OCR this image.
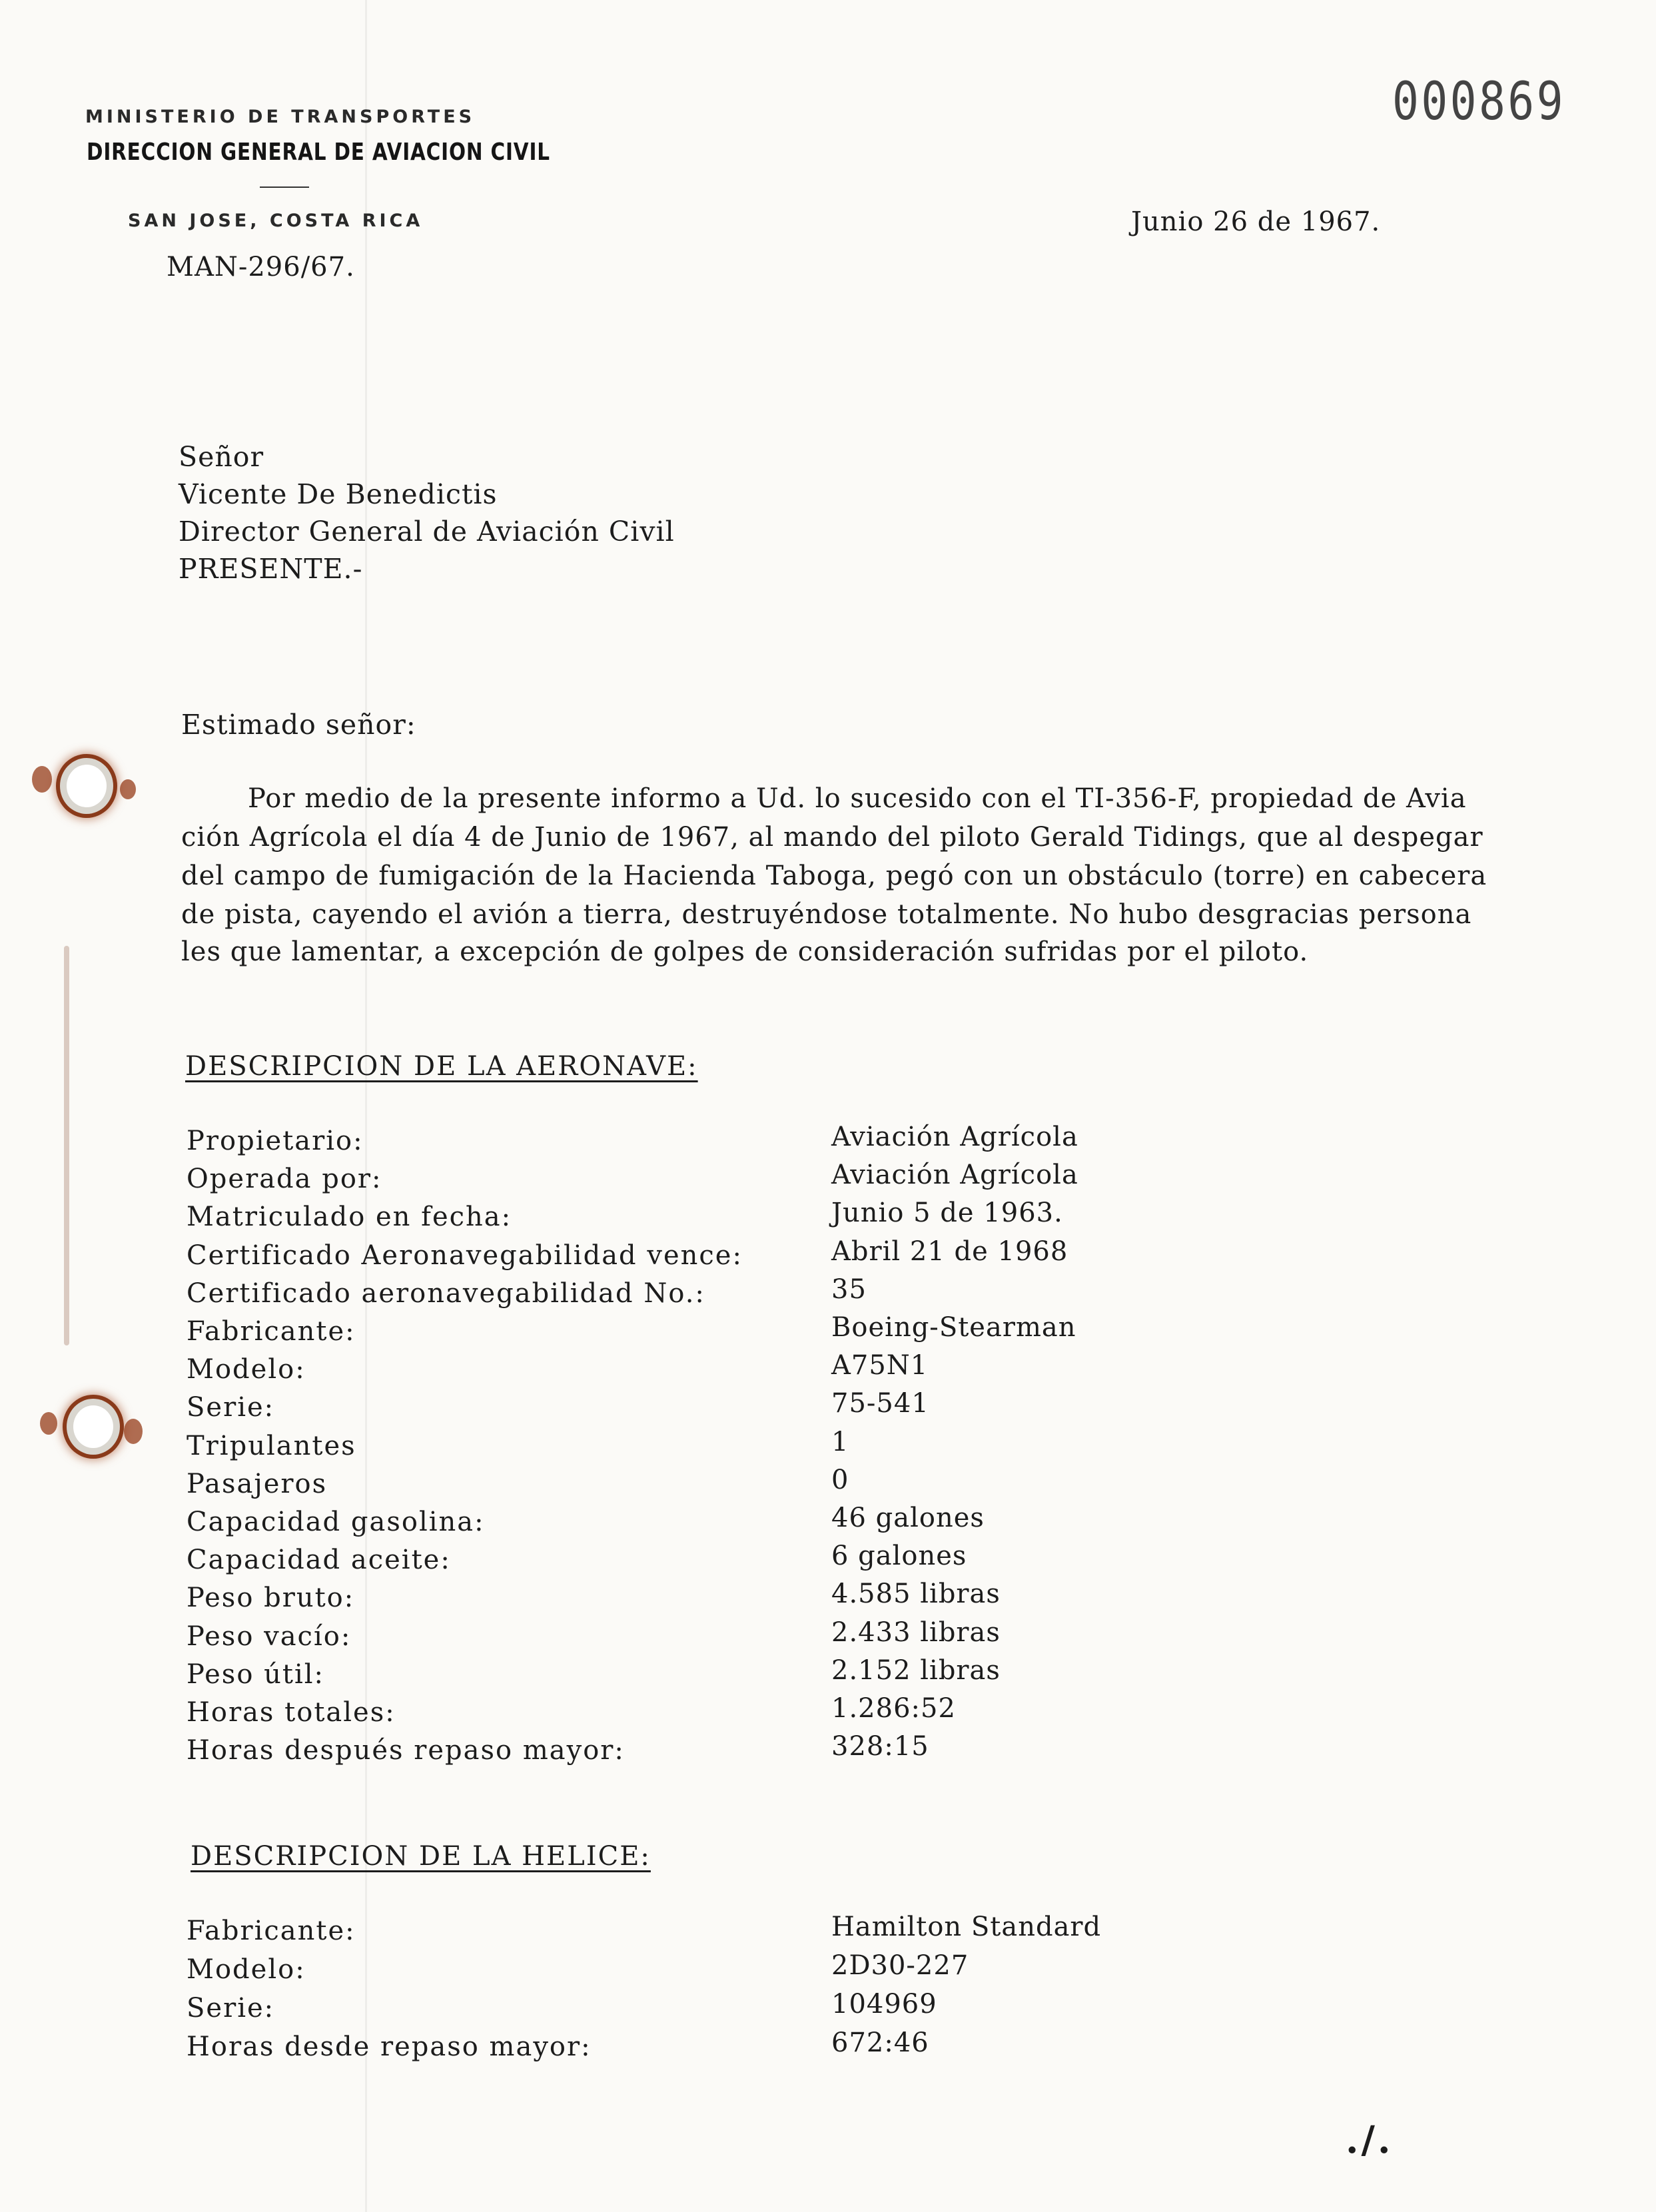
MINISTERIO DE TRANSPORTES
DIRECCION GENERAL DE AVIACION CIVIL
SAN JOSE, COSTA RICA
000869
MAN-296/67.
Junio 26 de 1967.
Señor
Vicente De Benedictis
Director General de Aviación Civil
PRESENTE.-
Estimado señor:
Por medio de la presente informo a Ud. lo sucesido con el TI-356-F, propiedad de Avia
ción Agrícola el día 4 de Junio de 1967, al mando del piloto Gerald Tidings, que al despegar
del campo de fumigación de la Hacienda Taboga, pegó con un obstáculo (torre) en cabecera
de pista, cayendo el avión a tierra, destruyéndose totalmente. No hubo desgracias persona
les que lamentar, a excepción de golpes de consideración sufridas por el piloto.
DESCRIPCION DE LA AERONAVE:
Propietario:	Aviación Agrícola
Operada por:	Aviación Agrícola
Matriculado en fecha:	Junio 5 de 1963.
Certificado Aeronavegabilidad vence:	Abril 21 de 1968
Certificado aeronavegabilidad No.:	35
Fabricante:	Boeing-Stearman
Modelo:	A75N1
Serie:	75-541
Tripulantes	1
Pasajeros	0
Capacidad gasolina:	46 galones
Capacidad aceite:	6 galones
Peso bruto:	4.585 libras
Peso vacío:	2.433 libras
Peso útil:	2.152 libras
Horas totales:	1.286:52
Horas después repaso mayor:	328:15
DESCRIPCION DE LA HELICE:
Fabricante:	Hamilton Standard
Modelo:	2D30-227
Serie:	104969
Horas desde repaso mayor:	672:46
./.
